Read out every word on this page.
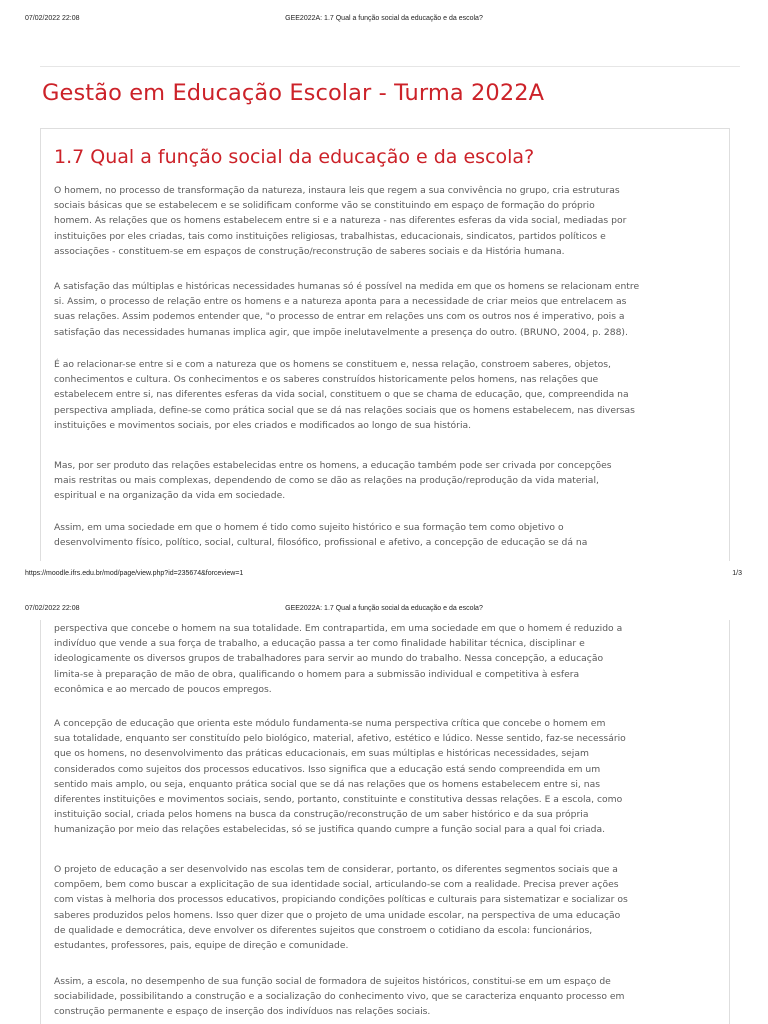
07/02/2022 22:08	GEE2022A: 1.7 Qual a função social da educação e da escola?
Gestão em Educação Escolar - Turma 2022A
1.7 Qual a função social da educação e da escola?
O homem, no processo de transformação da natureza, instaura leis que regem a sua convivência no grupo, cria estruturas
sociais básicas que se estabelecem e se solidificam conforme vão se constituindo em espaço de formação do próprio
homem. As relações que os homens estabelecem entre si e a natureza - nas diferentes esferas da vida social, mediadas por
instituições por eles criadas, tais como instituições religiosas, trabalhistas, educacionais, sindicatos, partidos políticos e
associações - constituem-se em espaços de construção/reconstrução de saberes sociais e da História humana.
A satisfação das múltiplas e históricas necessidades humanas só é possível na medida em que os homens se relacionam entre
si. Assim, o processo de relação entre os homens e a natureza aponta para a necessidade de criar meios que entrelacem as
suas relações. Assim podemos entender que, "o processo de entrar em relações uns com os outros nos é imperativo, pois a
satisfação das necessidades humanas implica agir, que impõe inelutavelmente a presença do outro. (BRUNO, 2004, p. 288).
É ao relacionar-se entre si e com a natureza que os homens se constituem e, nessa relação, constroem saberes, objetos,
conhecimentos e cultura. Os conhecimentos e os saberes construídos historicamente pelos homens, nas relações que
estabelecem entre si, nas diferentes esferas da vida social, constituem o que se chama de educação, que, compreendida na
perspectiva ampliada, define-se como prática social que se dá nas relações sociais que os homens estabelecem, nas diversas
instituições e movimentos sociais, por eles criados e modificados ao longo de sua história.
Mas, por ser produto das relações estabelecidas entre os homens, a educação também pode ser crivada por concepções
mais restritas ou mais complexas, dependendo de como se dão as relações na produção/reprodução da vida material,
espiritual e na organização da vida em sociedade.
Assim, em uma sociedade em que o homem é tido como sujeito histórico e sua formação tem como objetivo o
desenvolvimento físico, político, social, cultural, filosófico, profissional e afetivo, a concepção de educação se dá na
https://moodle.ifrs.edu.br/mod/page/view.php?id=235674&forceview=1	1/3
07/02/2022 22:08	GEE2022A: 1.7 Qual a função social da educação e da escola?
perspectiva que concebe o homem na sua totalidade. Em contrapartida, em uma sociedade em que o homem é reduzido a
indivíduo que vende a sua força de trabalho, a educação passa a ter como finalidade habilitar técnica, disciplinar e
ideologicamente os diversos grupos de trabalhadores para servir ao mundo do trabalho. Nessa concepção, a educação
limita-se à preparação de mão de obra, qualificando o homem para a submissão individual e competitiva à esfera
econômica e ao mercado de poucos empregos.
A concepção de educação que orienta este módulo fundamenta-se numa perspectiva crítica que concebe o homem em
sua totalidade, enquanto ser constituído pelo biológico, material, afetivo, estético e lúdico. Nesse sentido, faz-se necessário
que os homens, no desenvolvimento das práticas educacionais, em suas múltiplas e históricas necessidades, sejam
considerados como sujeitos dos processos educativos. Isso significa que a educação está sendo compreendida em um
sentido mais amplo, ou seja, enquanto prática social que se dá nas relações que os homens estabelecem entre si, nas
diferentes instituições e movimentos sociais, sendo, portanto, constituinte e constitutiva dessas relações. E a escola, como
instituição social, criada pelos homens na busca da construção/reconstrução de um saber histórico e da sua própria
humanização por meio das relações estabelecidas, só se justifica quando cumpre a função social para a qual foi criada.
O projeto de educação a ser desenvolvido nas escolas tem de considerar, portanto, os diferentes segmentos sociais que a
compõem, bem como buscar a explicitação de sua identidade social, articulando-se com a realidade. Precisa prever ações
com vistas à melhoria dos processos educativos, propiciando condições políticas e culturais para sistematizar e socializar os
saberes produzidos pelos homens. Isso quer dizer que o projeto de uma unidade escolar, na perspectiva de uma educação
de qualidade e democrática, deve envolver os diferentes sujeitos que constroem o cotidiano da escola: funcionários,
estudantes, professores, pais, equipe de direção e comunidade.
Assim, a escola, no desempenho de sua função social de formadora de sujeitos históricos, constitui-se em um espaço de
sociabilidade, possibilitando a construção e a socialização do conhecimento vivo, que se caracteriza enquanto processo em
construção permanente e espaço de inserção dos indivíduos nas relações sociais.
